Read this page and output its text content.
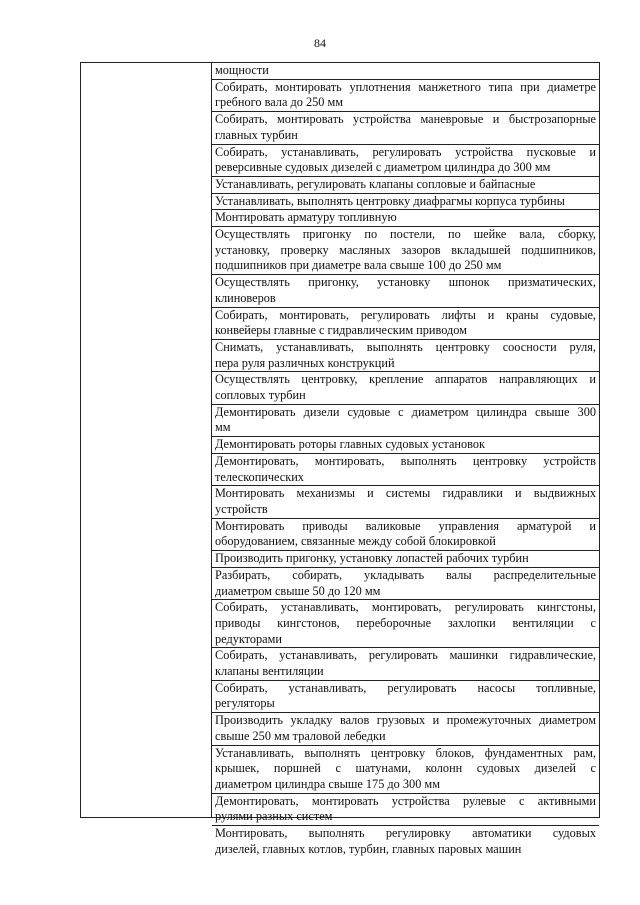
84
мощности
Собирать, монтировать уплотнения манжетного типа при диаметре
гребного вала до 250 мм
Собирать, монтировать устройства маневровые и быстрозапорные
главных турбин
Собирать, устанавливать, регулировать устройства пусковые и
реверсивные судовых дизелей с диаметром цилиндра до 300 мм
Устанавливать, регулировать клапаны сопловые и байпасные
Устанавливать, выполнять центровку диафрагмы корпуса турбины
Монтировать арматуру топливную
Осуществлять пригонку по постели, по шейке вала, сборку,
установку, проверку масляных зазоров вкладышей подшипников,
подшипников при диаметре вала свыше 100 до 250 мм
Осуществлять пригонку, установку шпонок призматических,
клиноверов
Собирать, монтировать, регулировать лифты и краны судовые,
конвейеры главные с гидравлическим приводом
Снимать, устанавливать, выполнять центровку соосности руля,
пера руля различных конструкций
Осуществлять центровку, крепление аппаратов направляющих и
сопловых турбин
Демонтировать дизели судовые с диаметром цилиндра свыше 300
мм
Демонтировать роторы главных судовых установок
Демонтировать, монтировать, выполнять центровку устройств
телескопических
Монтировать механизмы и системы гидравлики и выдвижных
устройств
Монтировать приводы валиковые управления арматурой и
оборудованием, связанные между собой блокировкой
Производить пригонку, установку лопастей рабочих турбин
Разбирать, собирать, укладывать валы распределительные
диаметром свыше 50 до 120 мм
Собирать, устанавливать, монтировать, регулировать кингстоны,
приводы кингстонов, переборочные захлопки вентиляции с
редукторами
Собирать, устанавливать, регулировать машинки гидравлические,
клапаны вентиляции
Собирать, устанавливать, регулировать насосы топливные,
регуляторы
Производить укладку валов грузовых и промежуточных диаметром
свыше 250 мм траловой лебедки
Устанавливать, выполнять центровку блоков, фундаментных рам,
крышек, поршней с шатунами, колонн судовых дизелей с
диаметром цилиндра свыше 175 до 300 мм
Демонтировать, монтировать устройства рулевые с активными
рулями разных систем
Монтировать, выполнять регулировку автоматики судовых
дизелей, главных котлов, турбин, главных паровых машин
